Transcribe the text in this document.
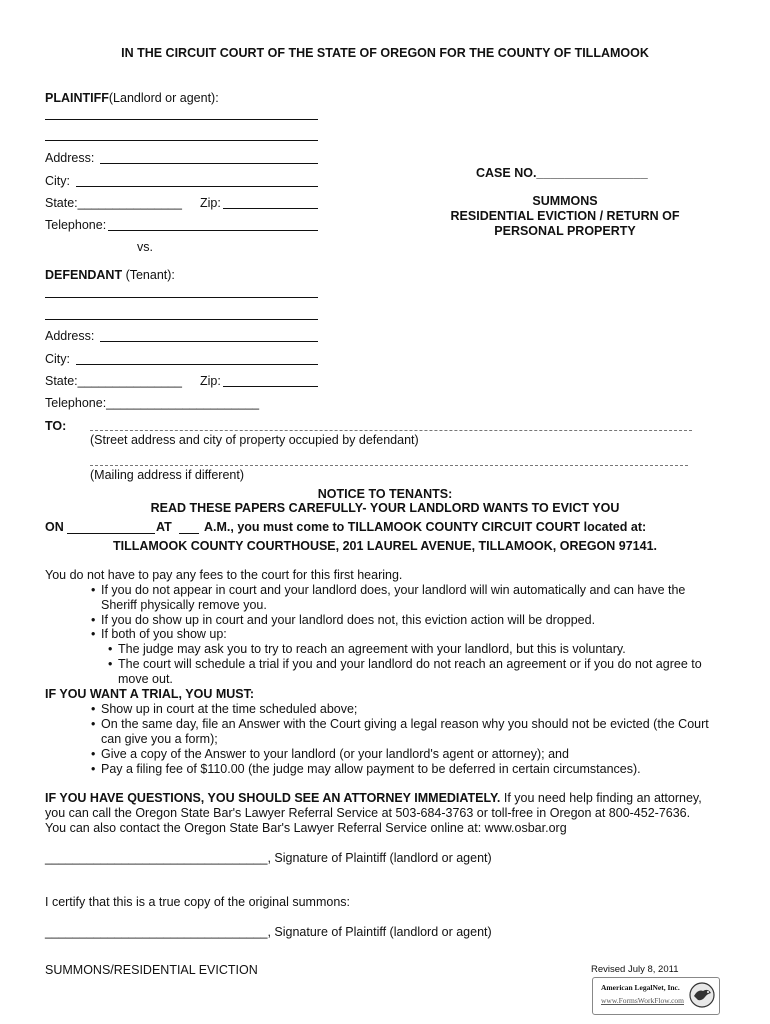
IN THE CIRCUIT COURT OF THE STATE OF OREGON FOR THE COUNTY OF TILLAMOOK
PLAINTIFF(Landlord or agent):
Address:
City:
State:_______________ Zip:
Telephone:
vs.
CASE NO.________________
SUMMONS
RESIDENTIAL EVICTION / RETURN OF
PERSONAL PROPERTY
DEFENDANT (Tenant):
Address:
City:
State:_______________ Zip:
Telephone:______________________
TO:
(Street address and city of property occupied by defendant)
(Mailing address if different)
NOTICE TO TENANTS:
READ THESE PAPERS CAREFULLY- YOUR LANDLORD WANTS TO EVICT YOU
ON	AT	A.M., you must come to TILLAMOOK COUNTY CIRCUIT COURT located at:
TILLAMOOK COUNTY COURTHOUSE, 201 LAUREL AVENUE, TILLAMOOK, OREGON 97141.
You do not have to pay any fees to the court for this first hearing.
• If you do not appear in court and your landlord does, your landlord will win automatically and can have the
Sheriff physically remove you.
• If you do show up in court and your landlord does not, this eviction action will be dropped.
• If both of you show up:
• The judge may ask you to try to reach an agreement with your landlord, but this is voluntary.
• The court will schedule a trial if you and your landlord do not reach an agreement or if you do not agree to
move out.
IF YOU WANT A TRIAL, YOU MUST:
• Show up in court at the time scheduled above;
• On the same day, file an Answer with the Court giving a legal reason why you should not be evicted (the Court
can give you a form);
• Give a copy of the Answer to your landlord (or your landlord's agent or attorney); and
• Pay a filing fee of $110.00 (the judge may allow payment to be deferred in certain circumstances).
IF YOU HAVE QUESTIONS, YOU SHOULD SEE AN ATTORNEY IMMEDIATELY. If you need help finding an attorney,
you can call the Oregon State Bar's Lawyer Referral Service at 503-684-3763 or toll-free in Oregon at 800-452-7636.
You can also contact the Oregon State Bar's Lawyer Referral Service online at: www.osbar.org
________________________________, Signature of Plaintiff (landlord or agent)
I certify that this is a true copy of the original summons:
________________________________, Signature of Plaintiff (landlord or agent)
SUMMONS/RESIDENTIAL EVICTION	Revised July 8, 2011
American LegalNet, Inc.
www.FormsWorkFlow.com
